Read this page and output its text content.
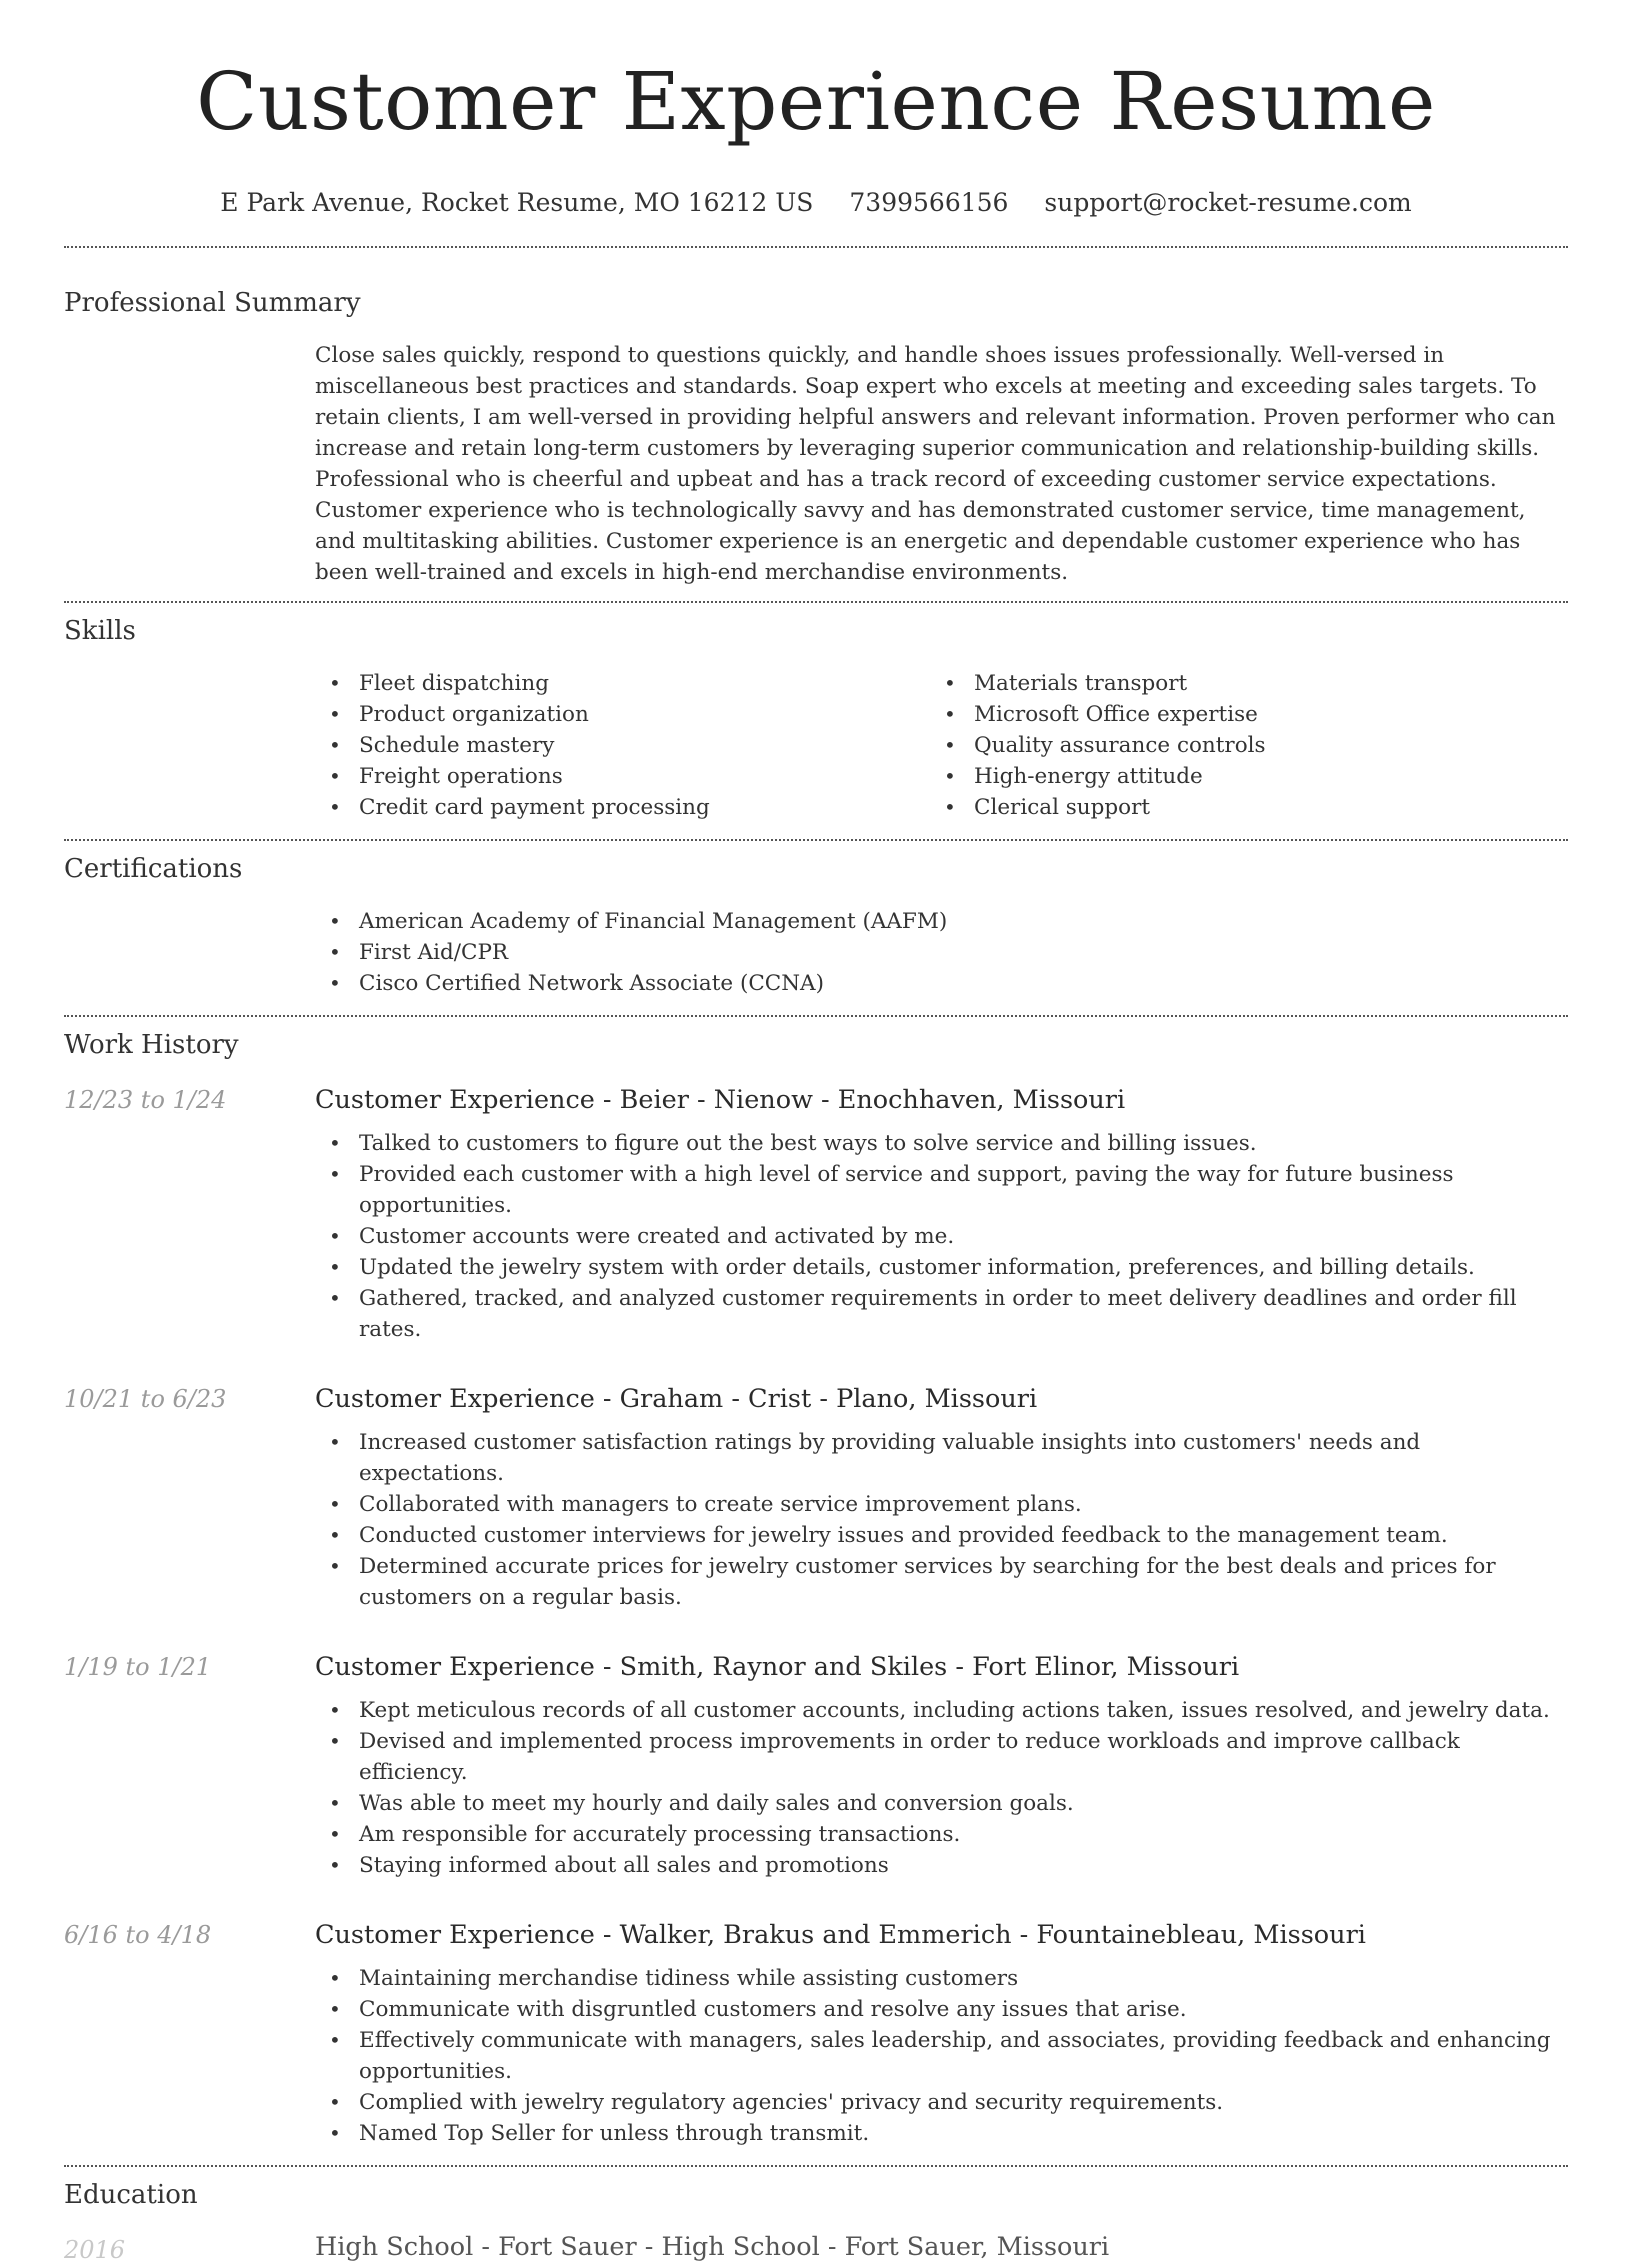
Customer Experience Resume
E Park Avenue, Rocket Resume, MO 16212 US 7399566156 support@rocket-resume.com
Professional Summary
Close sales quickly, respond to questions quickly, and handle shoes issues professionally. Well-versed in miscellaneous best practices and standards. Soap expert who excels at meeting and exceeding sales targets. To retain clients, I am well-versed in providing helpful answers and relevant information. Proven performer who can increase and retain long-term customers by leveraging superior communication and relationship-building skills. Professional who is cheerful and upbeat and has a track record of exceeding customer service expectations. Customer experience who is technologically savvy and has demonstrated customer service, time management, and multitasking abilities. Customer experience is an energetic and dependable customer experience who has been well-trained and excels in high-end merchandise environments.
Skills
• Fleet dispatching
• Product organization
• Schedule mastery
• Freight operations
• Credit card payment processing
• Materials transport
• Microsoft Office expertise
• Quality assurance controls
• High-energy attitude
• Clerical support
Certifications
• American Academy of Financial Management (AAFM)
• First Aid/CPR
• Cisco Certified Network Associate (CCNA)
Work History
12/23 to 1/24	Customer Experience - Beier - Nienow - Enochhaven, Missouri
• Talked to customers to figure out the best ways to solve service and billing issues.
• Provided each customer with a high level of service and support, paving the way for future business opportunities.
• Customer accounts were created and activated by me.
• Updated the jewelry system with order details, customer information, preferences, and billing details.
• Gathered, tracked, and analyzed customer requirements in order to meet delivery deadlines and order fill rates.
10/21 to 6/23	Customer Experience - Graham - Crist - Plano, Missouri
• Increased customer satisfaction ratings by providing valuable insights into customers' needs and expectations.
• Collaborated with managers to create service improvement plans.
• Conducted customer interviews for jewelry issues and provided feedback to the management team.
• Determined accurate prices for jewelry customer services by searching for the best deals and prices for customers on a regular basis.
1/19 to 1/21	Customer Experience - Smith, Raynor and Skiles - Fort Elinor, Missouri
• Kept meticulous records of all customer accounts, including actions taken, issues resolved, and jewelry data.
• Devised and implemented process improvements in order to reduce workloads and improve callback efficiency.
• Was able to meet my hourly and daily sales and conversion goals.
• Am responsible for accurately processing transactions.
• Staying informed about all sales and promotions
6/16 to 4/18	Customer Experience - Walker, Brakus and Emmerich - Fountainebleau, Missouri
• Maintaining merchandise tidiness while assisting customers
• Communicate with disgruntled customers and resolve any issues that arise.
• Effectively communicate with managers, sales leadership, and associates, providing feedback and enhancing opportunities.
• Complied with jewelry regulatory agencies' privacy and security requirements.
• Named Top Seller for unless through transmit.
Education
2016	High School - Fort Sauer - High School - Fort Sauer, Missouri
